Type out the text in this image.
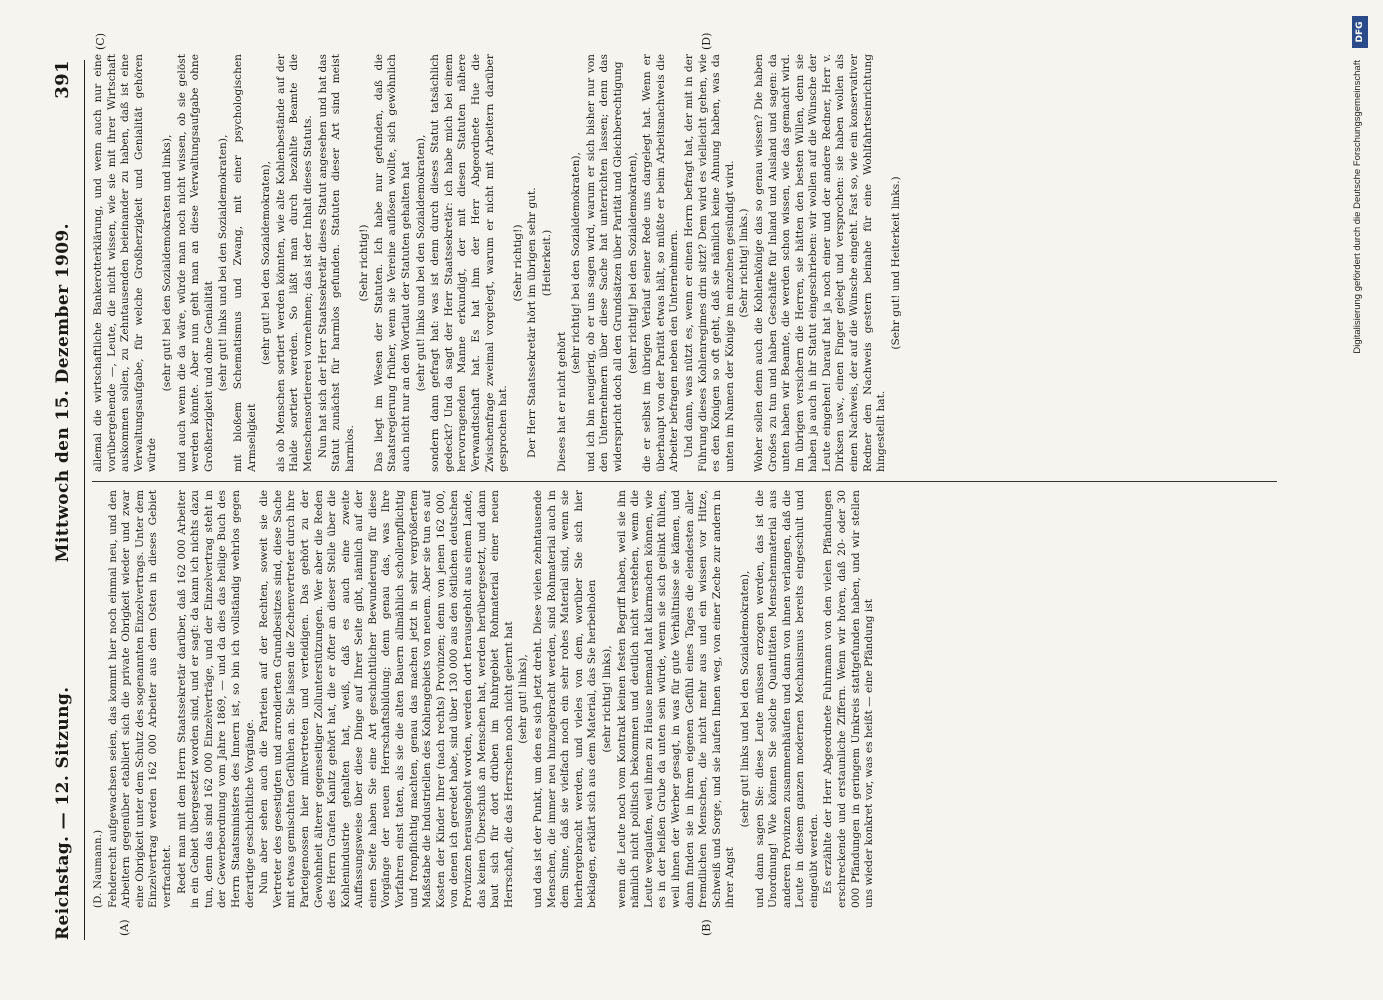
Reichstag. — 12. Sitzung.
Mittwoch den 15. Dezember 1909.
391
(A)	(B)
(C)	(D)

(D. Naumann.) Fehderecht aufgewachsen seien, das kommt hier noch einmal neu, und den Arbeitern gegenüber etabliert sich die private Obrigkeit wieder und zwar eine Obrigkeit unter dem Schutz des sogenannten Einzelvertrags. Unter dem Einzelvertrag werden 162 000 Arbeiter aus dem Osten in dieses Gebiet verfrachtet. Redet man mit dem Herrn Staatssekretär darüber, daß 162 000 Arbeiter in ein Gebiet übergesetzt worden sind, und er sagt: da kann ich nichts dazu tun, denn das sind 162 000 Einzelverträge, und der Einzelvertrag steht in der Gewerbeordnung vom Jahre 1869, — und da dies das heilige Buch des Herrn Staatsministers des Innern ist, so bin ich vollständig wehrlos gegen derartige geschichtliche Vorgänge. Nun aber sehen auch die Parteien auf der Rechten, soweit sie die Vertreter des gesestigten und arrondierten Grundbesitzes sind, diese Sache mit etwas gemischten Gefühlen an. Sie lassen die Zechenvertreter durch ihre Parteigenossen hier mitvertreten und verteidigen. Das gehört zu der Gewohnheit älterer gegenseitiger Zollunterstützungen. Wer aber die Reden des Herrn Grafen Kanitz gehört hat, die er öfter an dieser Stelle über die Kohlenindustrie gehalten hat, weiß, daß es auch eine zweite Auffassungsweise über diese Dinge auf Ihrer Seite gibt, nämlich auf der einen Seite haben Sie eine Art geschichtlicher Bewunderung für diese Vorgänge der neuen Herrschaftsbildung; denn genau das, was Ihre Vorfahren einst taten, als sie die alten Bauern allmählich schollenpflichtig und fronpflichtig machten, genau das machen jetzt in sehr vergrößertem Maßstabe die Industriellen des Kohlengebiets von neuem. Aber sie tun es auf Kosten der Kinder Ihrer (nach rechts) Provinzen; denn von jenen 162 000, von denen ich geredet habe, sind über 130 000 aus den östlichen deutschen Provinzen herausgeholt worden, werden dort herausgeholt aus einem Lande, das keinen Überschuß an Menschen hat, werden herübergesetzt, und dann baut sich für dort drüben im Ruhrgebiet Rohmaterial einer neuen Herrschaft, die das Herrschen noch nicht gelernt hat (sehr gut! links), und das ist der Punkt, um den es sich jetzt dreht. Diese vielen zehntausende Menschen, die immer neu hinzugebracht werden, sind Rohmaterial auch in dem Sinne, daß sie vielfach noch ein sehr rohes Material sind, wenn sie hierhergebracht werden, und vieles von dem, worüber Sie sich hier beklagen, erklärt sich aus dem Material, das Sie herbeiholen (sehr richtig! links), wenn die Leute noch vom Kontrakt keinen festen Begriff haben, weil sie ihn nämlich nicht politisch bekommen und deutlich nicht verstehen, wenn die Leute weglaufen, weil ihnen zu Hause niemand hat klarmachen können, wie es in der heißen Grube da unten sein würde, wenn sie sich gelinkt fühlen, weil ihnen der Werber gesagt, in was für gute Verhältnisse sie kämen, und dann finden sie in ihrem eigenen Gefühl eines Tages die elendesten aller fremdlichen Menschen, die nicht mehr aus und ein wissen vor Hitze, Schweiß und Sorge, und sie laufen Ihnen weg, von einer Zeche zur andern in ihrer Angst

(sehr gut! links und bei den Sozialdemokraten), und dann sagen Sie: diese Leute müssen erzogen werden, das ist die Unordnung! Wie können Sie solche Quantitäten Menschenmaterial aus anderen Provinzen zusammenhäufen und dann von ihnen verlangen, daß die Leute in diesem ganzen modernen Mechanismus bereits eingeschult und eingeübt werden. Es erzählte der Herr Abgeordnete Fuhrmann von den vielen Pfändungen erschreckende und erstaunliche Ziffern. Wenn wir hören, daß 20- oder 30 000 Pfändungen in geringem Umkreis stattgefunden haben, und wir stellen uns wieder konkret vor, was es heißt — eine Pfändung ist

allemal die wirtschaftliche Bankerotterklärung, und wenn auch nur eine vorübergehende —, Leute, die nicht wissen, wie sie mit ihrer Wirtschaft auskommen sollen, zu Zehntausenden beieinander zu haben, daß ist eine Verwaltungsaufgabe, für welche Großherzigkeit und Genialität gehören würde

(sehr gut! bei den Sozialdemokraten und links), und auch wenn die da wäre, würde man noch nicht wissen, ob sie gelöst werden könnte. Aber nun geht man an diese Verwaltungsaufgabe ohne Großherzigkeit und ohne Genialität (sehr gut! links und bei den Sozialdemokraten), mit bloßem Schematismus und Zwang, mit einer psychologischen Armseligkeit

(sehr gut! bei den Sozialdemokraten), als ob Menschen sortiert werden könnten, wie alte Kohlenbestände auf der Halde sortiert werden. So läßt man durch bezahlte Beamte die Menschensortiererei vornehmen; das ist der Inhalt dieses Statuts. Nun hat sich der Herr Staatssekretär dieses Statut angesehen und hat das Statut zunächst für harmlos gefunden. Statuten dieser Art sind meist harmlos.

(Sehr richtig!) Das liegt im Wesen der Statuten. Ich habe nur gefunden, daß die Staatsregierung früher, wenn sie Vereine auflösen wollte, sich gewöhnlich auch nicht nur an den Wortlaut der Statuten gehalten hat (sehr gut! links und bei den Sozialdemokraten), sondern dann gefragt hat: was ist denn durch dieses Statut tatsächlich gedeckt? Und da sagt der Herr Staatssekretär: ich habe mich bei einem hervorragenden Manne erkundigt, der mit diesen Statuten nähere Verwandtschaft hat. Es hat ihm der Herr Abgeordnete Hue die Zwischenfrage zweimal vorgelegt, warum er nicht mit Arbeitern darüber gesprochen hat.

(Sehr richtig!) Der Herr Staatssekretär hört im übrigen sehr gut. (Heiterkeit.)

Dieses hat er nicht gehört

(sehr richtig! bei den Sozialdemokraten), und ich bin neugierig, ob er uns sagen wird, warum er sich bisher nur von den Unternehmern über diese Sache hat unterrichten lassen; denn das widerspricht doch all den Grundsätzen über Parität und Gleichberechtigung (sehr richtig! bei den Sozialdemokraten), die er selbst im übrigen Verlauf seiner Rede uns dargelegt hat. Wenn er überhaupt von der Parität etwas hält, so müßte er beim Arbeitsnachweis die Arbeiter befragen neben den Unternehmern. Und dann, was nützt es, wenn er einen Herrn befragt hat, der mit in der Führung dieses Kohlenregimes drin sitzt? Dem wird es vielleicht gehen, wie es den Königen so oft geht, daß sie nämlich keine Ahnung haben, was da unten im Namen der Könige im einzelnen gesündigt wird. (Sehr richtig! links.) Woher sollen denn auch die Kohlenkönige das so genau wissen? Die haben Großes zu tun und haben Geschäfte für Inland und Ausland und sagen: da unten haben wir Beamte, die werden schon wissen, wie das gemacht wird. Im übrigen versichern die Herren, sie hätten den besten Willen, denn sie haben ja auch in ihr Statut eingeschrieben: wir wollen auf die Wünsche der Leute eingehen! Darauf hat ja noch einer und der andere Redner, Herr v. Dirksen usw., einen Finger gelegt und versprochen: sie haben wollen als einen Nachweis, der auf die Wünsche eingeht. Fast so, wie ein konservativer Redner den Nachweis gestern beinahe für eine Wohlfahrtseinrichtung hingestellt hat.

(Sehr gut! und Heiterkeit links.)	Digitalisierung gefördert durch die Deutsche Forschungsgemeinschaft
DFG
